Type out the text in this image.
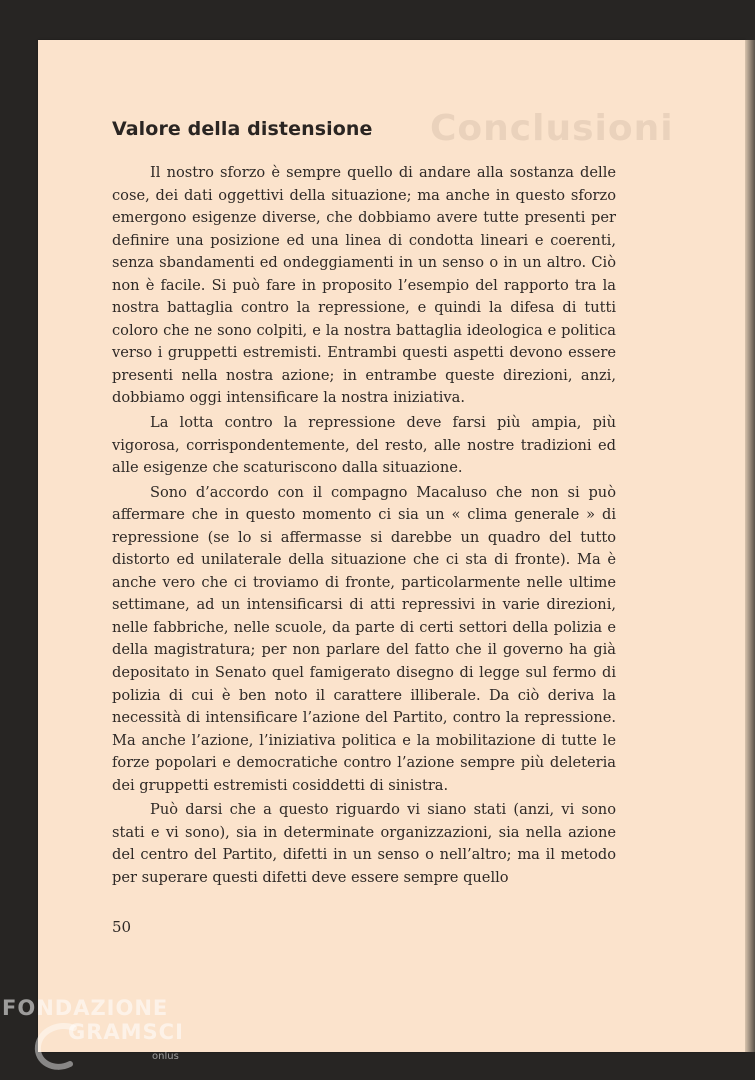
Conclusioni
Valore della distensione

Il nostro sforzo è sempre quello di andare alla sostanza delle cose, dei dati oggettivi della situazione; ma anche in questo sforzo emergono esigenze diverse, che dobbiamo avere tutte presenti per definire una posizione ed una linea di condotta lineari e coerenti, senza sbandamenti ed ondeggiamenti in un senso o in un altro. Ciò non è facile. Si può fare in proposito l’esempio del rapporto tra la nostra battaglia contro la repressione, e quindi la difesa di tutti coloro che ne sono colpiti, e la nostra battaglia ideologica e politica verso i gruppetti estremisti. Entrambi questi aspetti devono essere presenti nella nostra azione; in entrambe queste direzioni, anzi, dobbiamo oggi intensificare la nostra iniziativa.

La lotta contro la repressione deve farsi più ampia, più vigorosa, corrispondentemente, del resto, alle nostre tradizioni ed alle esigenze che scaturiscono dalla situazione.

Sono d’accordo con il compagno Macaluso che non si può affermare che in questo momento ci sia un « clima generale » di repressione (se lo si affermasse si darebbe un quadro del tutto distorto ed unilaterale della situazione che ci sta di fronte). Ma è anche vero che ci troviamo di fronte, particolarmente nelle ultime settimane, ad un intensificarsi di atti repressivi in varie direzioni, nelle fabbriche, nelle scuole, da parte di certi settori della polizia e della magistratura; per non parlare del fatto che il governo ha già depositato in Senato quel famigerato disegno di legge sul fermo di polizia di cui è ben noto il carattere illiberale. Da ciò deriva la necessità di intensificare l’azione del Partito, contro la repressione. Ma anche l’azione, l’iniziativa politica e la mobilitazione di tutte le forze popolari e democratiche contro l’azione sempre più deleteria dei gruppetti estremisti cosiddetti di sinistra.

Può darsi che a questo riguardo vi siano stati (anzi, vi sono stati e vi sono), sia in determinate organizzazioni, sia nella azione del centro del Partito, difetti in un senso o nell’altro; ma il metodo per superare questi difetti deve essere sempre quello

50
FONDAZIONE
GRAMSCI
onlus
